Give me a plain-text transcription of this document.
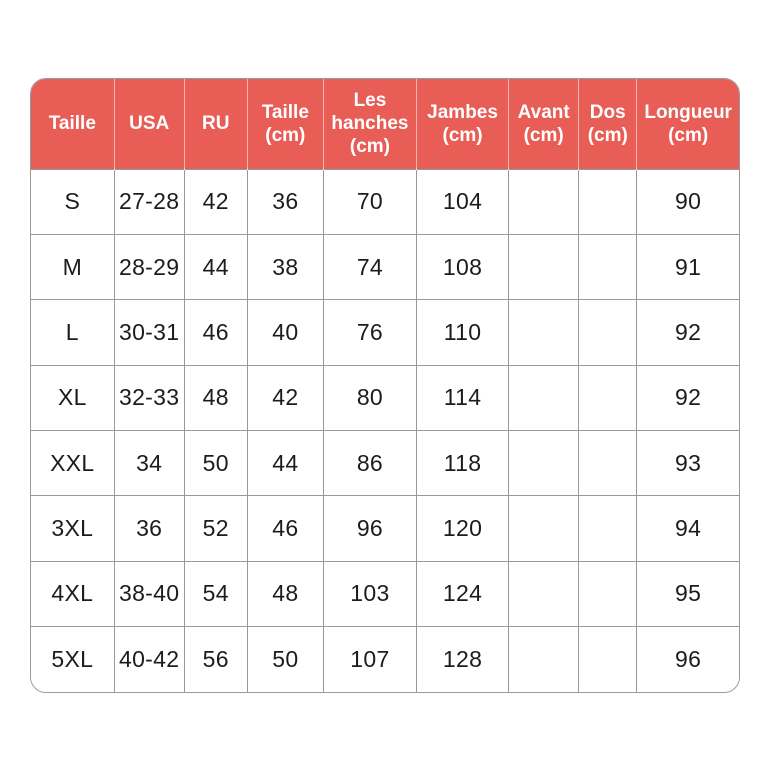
Taille	USA	RU	Taille (cm)	Les hanches (cm)	Jambes (cm)	Avant (cm)	Dos (cm)	Longueur (cm)
S	27-28	42	36	70	104			90
M	28-29	44	38	74	108			91
L	30-31	46	40	76	110			92
XL	32-33	48	42	80	114			92
XXL	34	50	44	86	118			93
3XL	36	52	46	96	120			94
4XL	38-40	54	48	103	124			95
5XL	40-42	56	50	107	128			96
